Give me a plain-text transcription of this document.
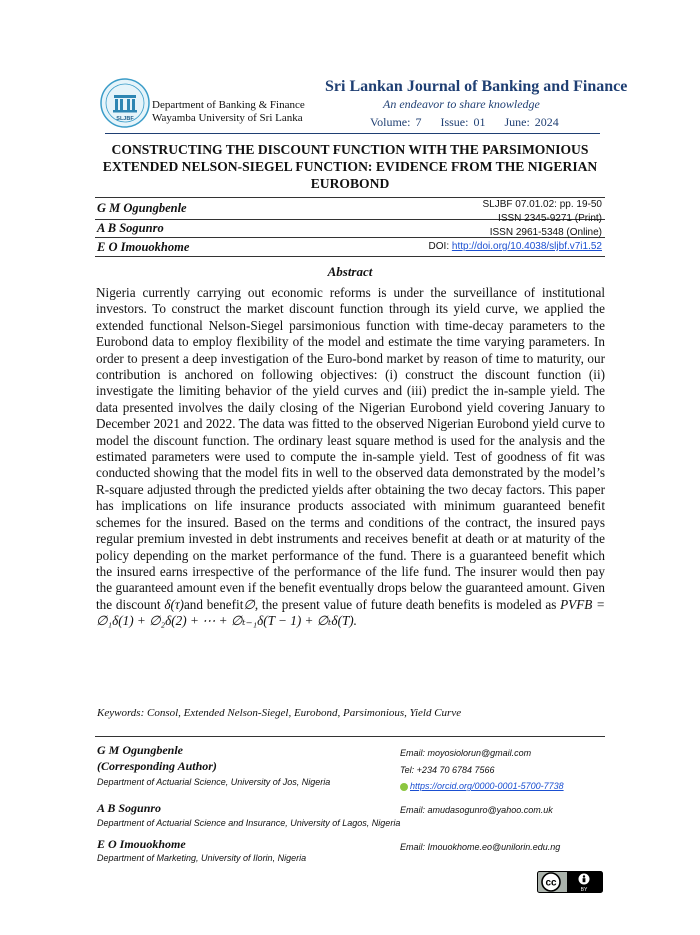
SLJBF
Department of Banking & Finance
Wayamba University of Sri Lanka
Sri Lankan Journal of Banking and Finance
An endeavor to share knowledge
Volume: 7 Issue: 01 June: 2024
CONSTRUCTING THE DISCOUNT FUNCTION WITH THE PARSIMONIOUS EXTENDED NELSON-SIEGEL FUNCTION: EVIDENCE FROM THE NIGERIAN EUROBOND
G M Ogungbenle
A B Sogunro
E O Imouokhome
SLJBF 07.01.02: pp. 19-50
ISSN 2345-9271 (Print)
ISSN 2961-5348 (Online)
DOI: http://doi.org/10.4038/sljbf.v7i1.52
Abstract
Nigeria currently carrying out economic reforms is under the surveillance of institutional investors. To construct the market discount function through its yield curve, we applied the extended functional Nelson-Siegel parsimonious function with time-decay parameters to the Eurobond data to employ flexibility of the model and estimate the time varying parameters. In order to present a deep investigation of the Euro-bond market by reason of time to maturity, our contribution is anchored on following objectives: (i) construct the discount function (ii) investigate the limiting behavior of the yield curves and (iii) predict the in-sample yield. The data presented involves the daily closing of the Nigerian Eurobond yield covering January to December 2021 and 2022. The data was fitted to the observed Nigerian Eurobond yield curve to model the discount function. The ordinary least square method is used for the analysis and the estimated parameters were used to compute the in-sample yield. Test of goodness of fit was conducted showing that the model fits in well to the observed data demonstrated by the model’s R-square adjusted through the predicted yields after obtaining the two decay factors. This paper has implications on life insurance products associated with minimum guaranteed benefit schemes for the insured. Based on the terms and conditions of the contract, the insured pays regular premium invested in debt instruments and receives benefit at death or at maturity of the policy depending on the market performance of the fund. There is a guaranteed benefit which the insured earns irrespective of the performance of the life fund. The insurer would then pay the guaranteed amount even if the benefit eventually drops below the guaranteed amount. Given the discount δ(τ)and benefit∅, the present value of future death benefits is modeled as PVFB = ∅₁δ(1) + ∅₂δ(2) + ⋯ + ∅ₜ₋₁δ(T − 1) + ∅ₜδ(T).
Keywords: Consol, Extended Nelson-Siegel, Eurobond, Parsimonious, Yield Curve
G M Ogungbenle
(Corresponding Author)
Department of Actuarial Science, University of Jos, Nigeria
Email: moyosiolorun@gmail.com
Tel: +234 70 6784 7566
https://orcid.org/0000-0001-5700-7738
A B Sogunro
Department of Actuarial Science and Insurance, University of Lagos, Nigeria
Email: amudasogunro@yahoo.com.uk
E O Imouokhome
Department of Marketing, University of Ilorin, Nigeria
Email: Imouokhome.eo@unilorin.edu.ng
cc
BY
